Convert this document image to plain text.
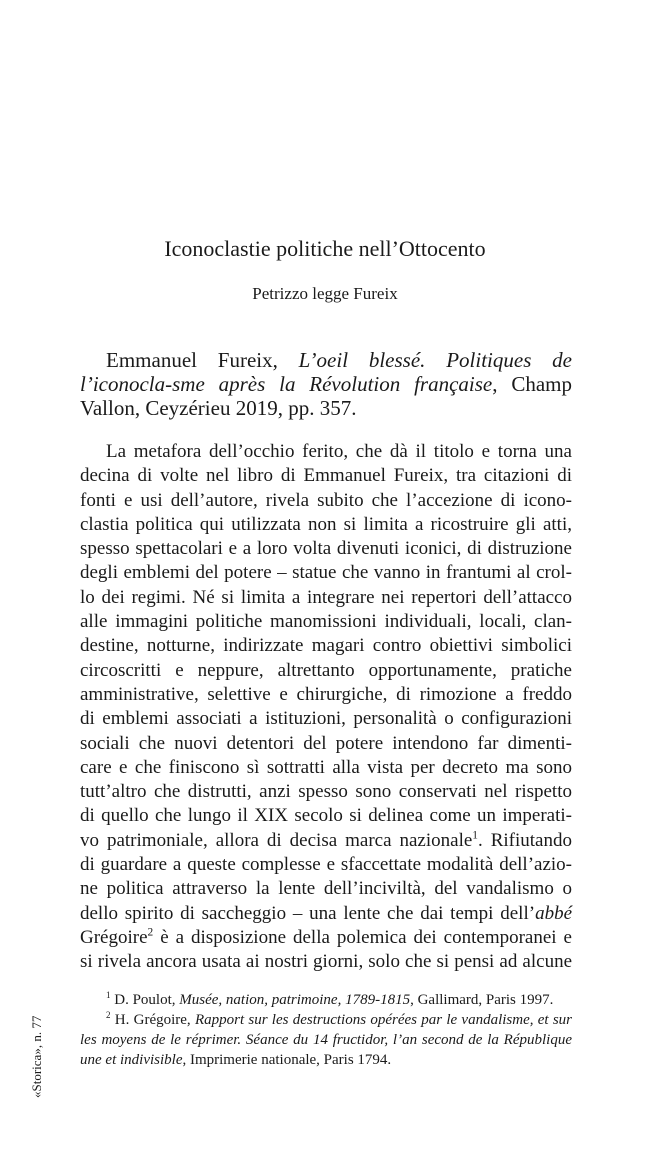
Iconoclastie politiche nell’Ottocento
Petrizzo legge Fureix
Emmanuel Fureix, L’oeil blessé. Politiques de l’iconocla-sme après la Révolution française, Champ Vallon, Ceyzérieu 2019, pp. 357.
La metafora dell’occhio ferito, che dà il titolo e torna una
decina di volte nel libro di Emmanuel Fureix, tra citazioni di
fonti e usi dell’autore, rivela subito che l’accezione di icono-
clastia politica qui utilizzata non si limita a ricostruire gli atti,
spesso spettacolari e a loro volta divenuti iconici, di distruzione
degli emblemi del potere – statue che vanno in frantumi al crol-
lo dei regimi. Né si limita a integrare nei repertori dell’attacco
alle immagini politiche manomissioni individuali, locali, clan-
destine, notturne, indirizzate magari contro obiettivi simbolici
circoscritti e neppure, altrettanto opportunamente, pratiche
amministrative, selettive e chirurgiche, di rimozione a freddo
di emblemi associati a istituzioni, personalità o configurazioni
sociali che nuovi detentori del potere intendono far dimenti-
care e che finiscono sì sottratti alla vista per decreto ma sono
tutt’altro che distrutti, anzi spesso sono conservati nel rispetto
di quello che lungo il XIX secolo si delinea come un imperati-
vo patrimoniale, allora di decisa marca nazionale$^1$. Rifiutando
di guardare a queste complesse e sfaccettate modalità dell’azio-
ne politica attraverso la lente dell’inciviltà, del vandalismo o
dello spirito di saccheggio – una lente che dai tempi dell’abbé
Grégoire$^2$ è a disposizione della polemica dei contemporanei e
si rivela ancora usata ai nostri giorni, solo che si pensi ad alcune
$^1$ D. Poulot, Musée, nation, patrimoine, 1789-1815, Gallimard, Paris 1997.
$^2$ H. Grégoire, Rapport sur les destructions opérées par le vandalisme, et sur les moyens de le réprimer. Séance du 14 fructidor, l’an second de la République une et indivisible, Imprimerie nationale, Paris 1794.
«Storica», n. 77
